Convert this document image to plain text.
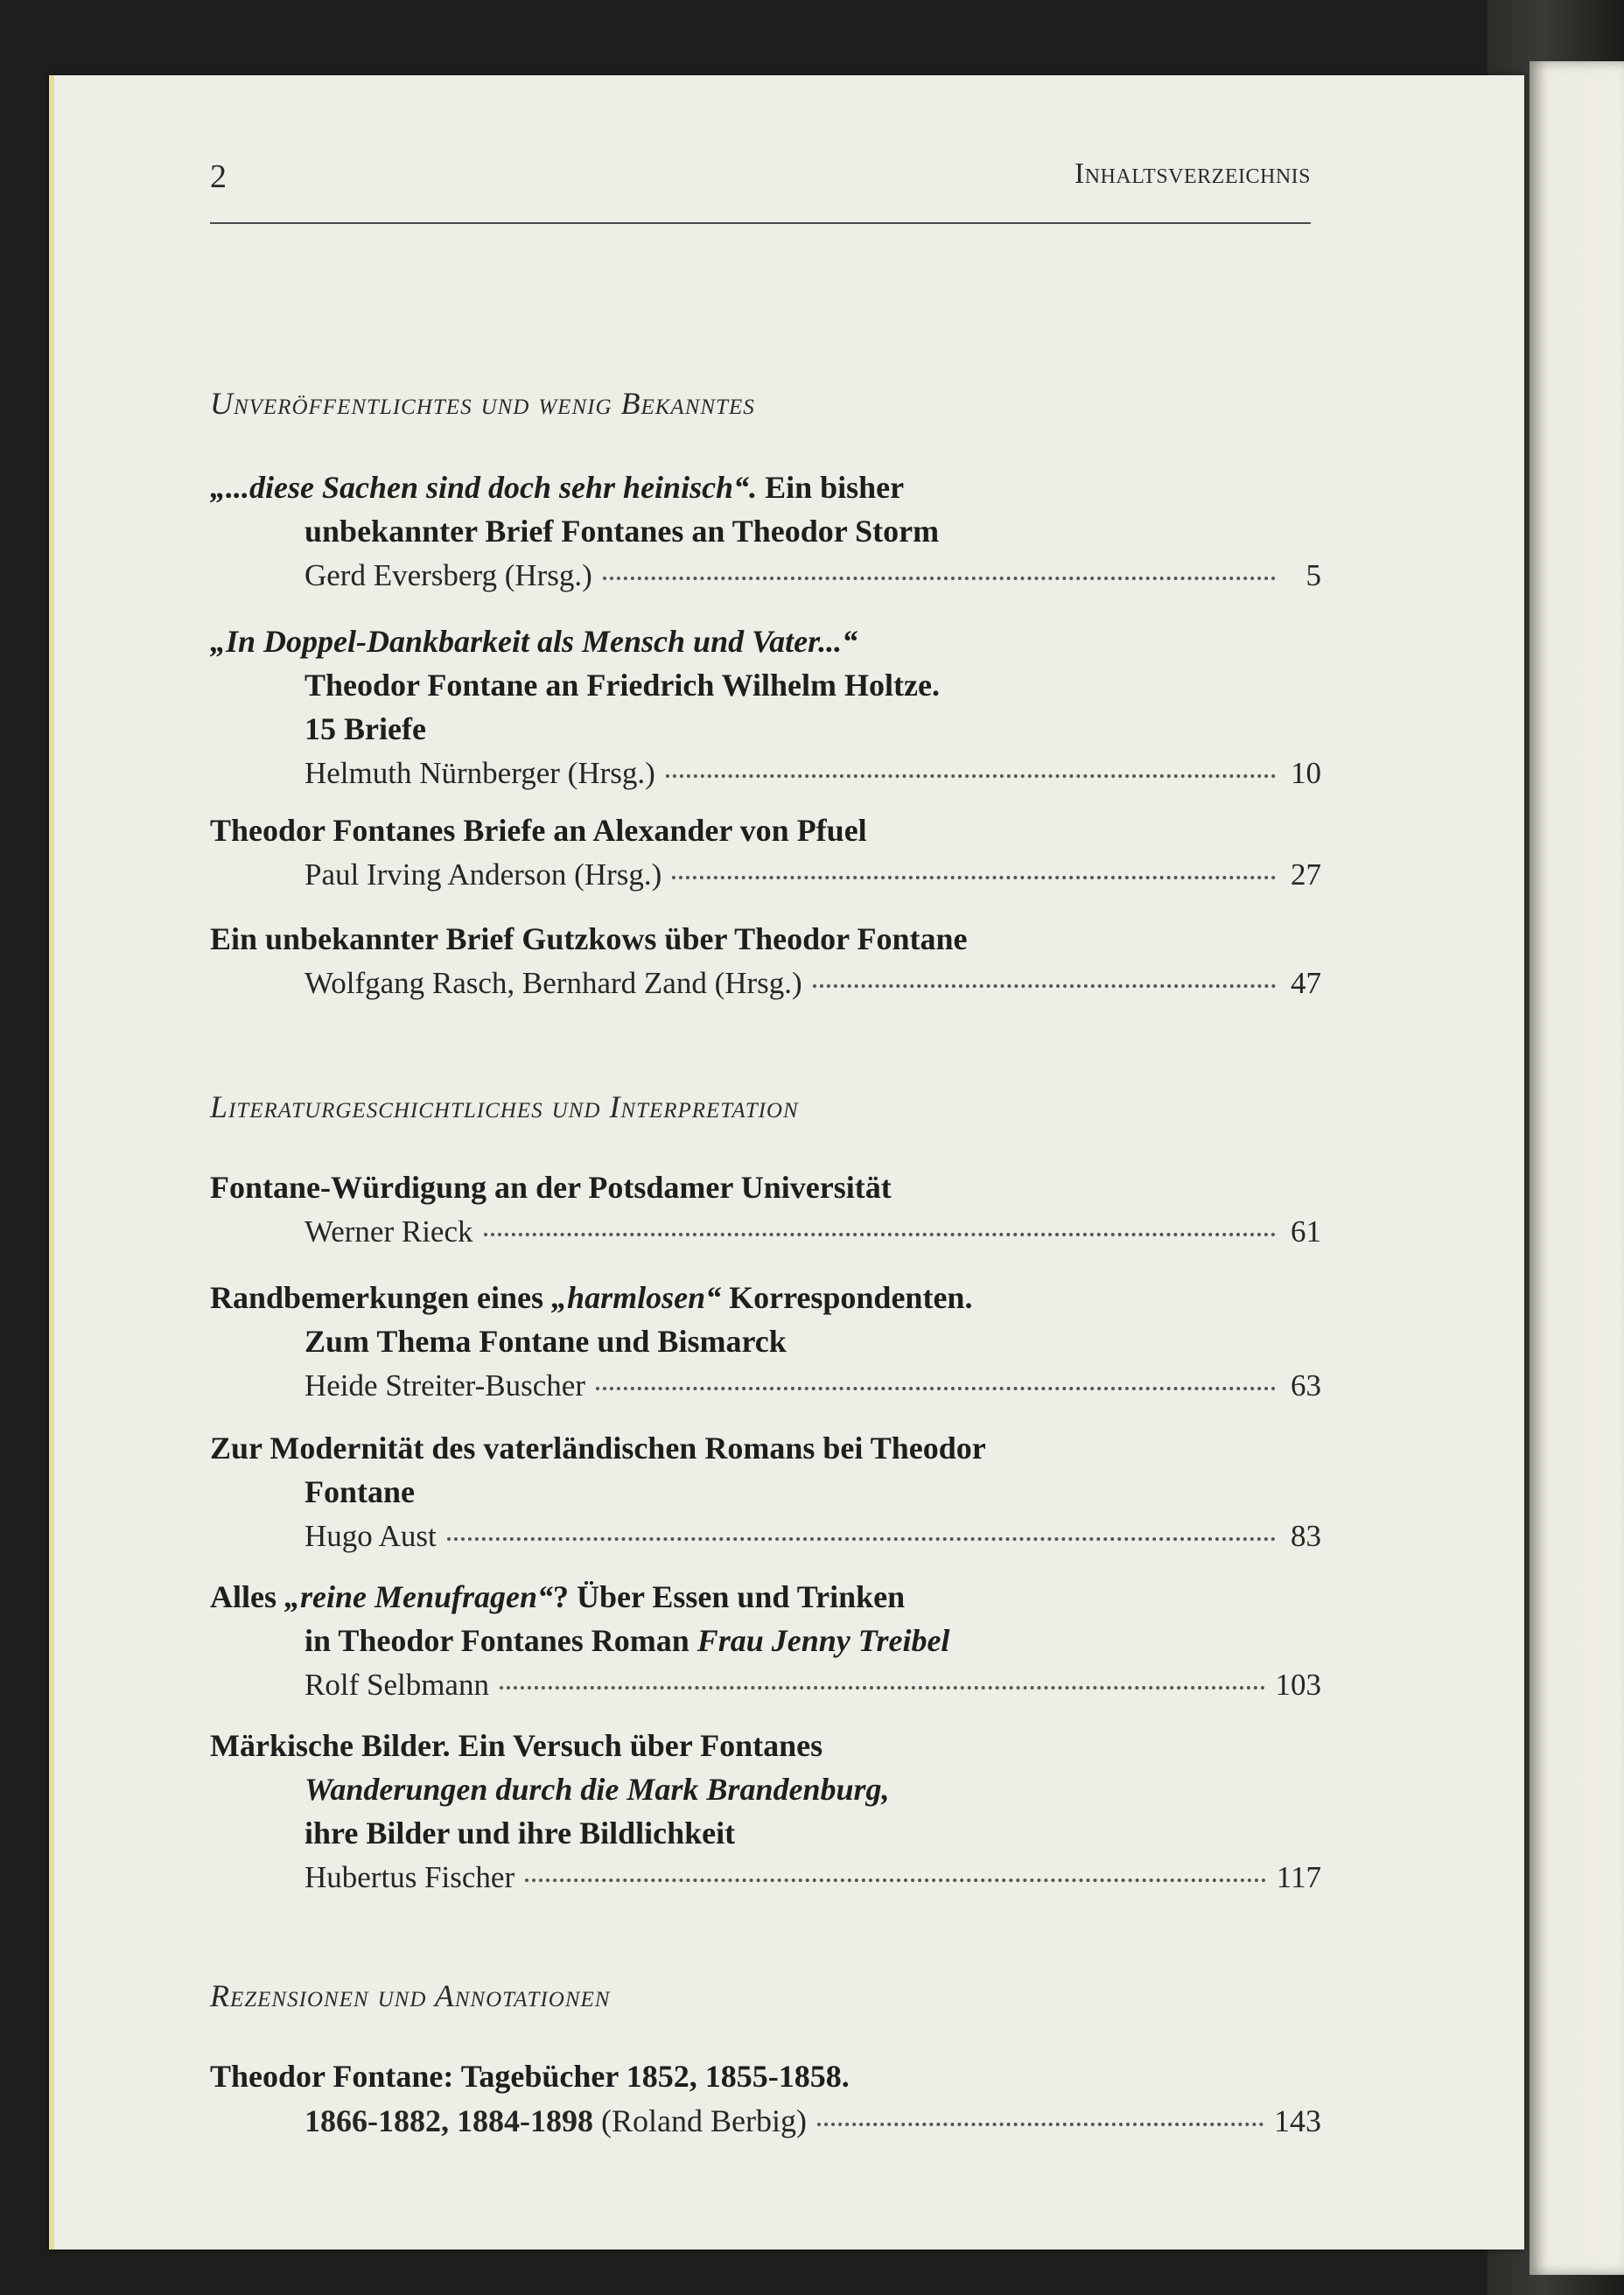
2	Inhaltsverzeichnis
Unveröffentlichtes und wenig Bekanntes
„...diese Sachen sind doch sehr heinisch“. Ein bisher
unbekannter Brief Fontanes an Theodor Storm
Gerd Eversberg (Hrsg.)	5
„In Doppel-Dankbarkeit als Mensch und Vater...“
Theodor Fontane an Friedrich Wilhelm Holtze.
15 Briefe
Helmuth Nürnberger (Hrsg.)	10
Theodor Fontanes Briefe an Alexander von Pfuel
Paul Irving Anderson (Hrsg.)	27
Ein unbekannter Brief Gutzkows über Theodor Fontane
Wolfgang Rasch, Bernhard Zand (Hrsg.)	47
Literaturgeschichtliches und Interpretation
Fontane-Würdigung an der Potsdamer Universität
Werner Rieck	61
Randbemerkungen eines „harmlosen“ Korrespondenten.
Zum Thema Fontane und Bismarck
Heide Streiter-Buscher	63
Zur Modernität des vaterländischen Romans bei Theodor
Fontane
Hugo Aust	83
Alles „reine Menufragen“? Über Essen und Trinken
in Theodor Fontanes Roman Frau Jenny Treibel
Rolf Selbmann	103
Märkische Bilder. Ein Versuch über Fontanes
Wanderungen durch die Mark Brandenburg,
ihre Bilder und ihre Bildlichkeit
Hubertus Fischer	117
Rezensionen und Annotationen
Theodor Fontane: Tagebücher 1852, 1855-1858.
1866-1882, 1884-1898 (Roland Berbig)	143
